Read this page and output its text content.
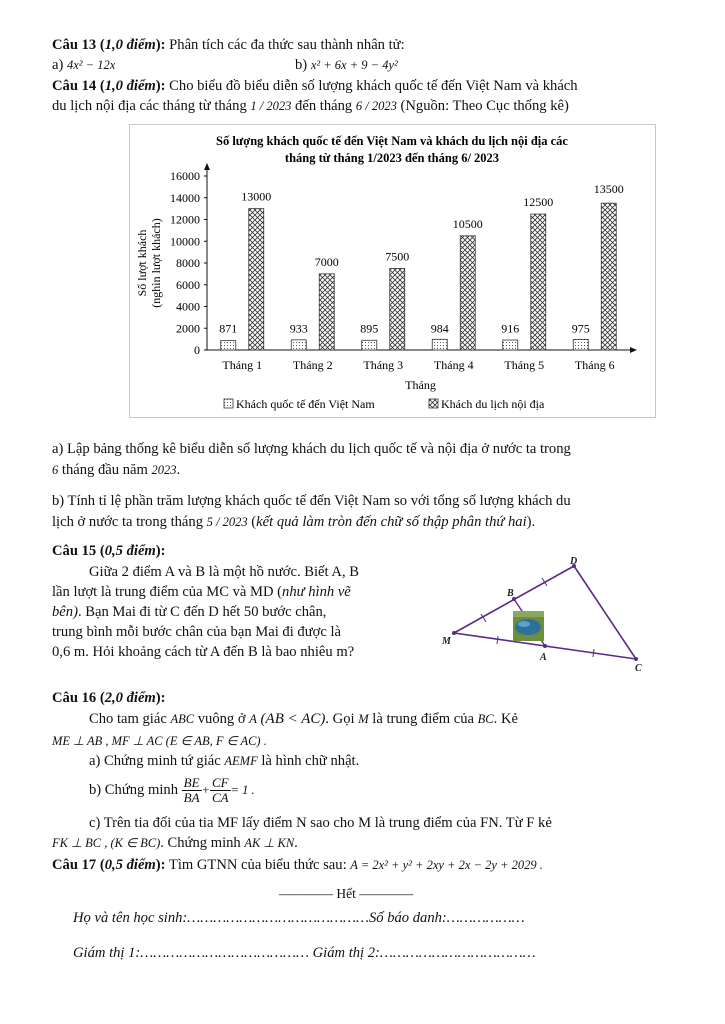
Câu 13 (1,0 điểm): Phân tích các đa thức sau thành nhân tử:
a) 4x² − 12x	b) x² + 6x + 9 − 4y²
Câu 14 (1,0 điểm): Cho biểu đồ biểu diễn số lượng khách quốc tế đến Việt Nam và khách
du lịch nội địa các tháng từ tháng 1 / 2023 đến tháng 6 / 2023 (Nguồn: Theo Cục thống kê)
Số lượng khách quốc tế đến Việt Nam và khách du lịch nội địa các
tháng từ tháng 1/2023 đến tháng 6/ 2023
0
2000
4000
6000
8000
10000
12000
14000
16000
Số lượt khách (nghìn lượt khách)
871
13000
Tháng 1
933
7000
Tháng 2
895
7500
Tháng 3
984
10500
Tháng 4
916
12500
Tháng 5
975
13500
Tháng 6
Tháng
Khách quốc tế đến Việt Nam	Khách du lịch nội địa
a) Lập bảng thống kê biểu diễn số lượng khách du lịch quốc tế và nội địa ở nước ta trong
6 tháng đầu năm 2023.
b) Tính tỉ lệ phần trăm lượng khách quốc tế đến Việt Nam so với tổng số lượng khách du
lịch ở nước ta trong tháng 5 / 2023 (kết quả làm tròn đến chữ số thập phân thứ hai).
Câu 15 (0,5 điểm):
Giữa 2 điểm A và B là một hồ nước. Biết A, B
lần lượt là trung điểm của MC và MD (như hình vẽ
bên). Bạn Mai đi từ C đến D hết 50 bước chân,
trung bình mỗi bước chân của bạn Mai đi được là
0,6 m. Hỏi khoảng cách từ A đến B là bao nhiêu m?
D
B
M
A
C
Câu 16 (2,0 điểm):
Cho tam giác ABC vuông ở A (AB < AC). Gọi M là trung điểm của BC. Kẻ
ME ⊥ AB , MF ⊥ AC (E ∈ AB, F ∈ AC) .
a) Chứng minh tứ giác AEMF là hình chữ nhật.
b) Chứng minh $\frac{BE}{BA} + \frac{CF}{CA} = 1$ .
c) Trên tia đối của tia MF lấy điểm N sao cho M là trung điểm của FN. Từ F kẻ
FK ⊥ BC , (K ∈ BC). Chứng minh AK ⊥ KN.
Câu 17 (0,5 điểm): Tìm GTNN của biểu thức sau: A = 2x² + y² + 2xy + 2x − 2y + 2029 .
———— Hết ————
Họ và tên học sinh:……………………………………Số báo danh:………………
Giám thị 1:………………………………… Giám thị 2:………………………………
